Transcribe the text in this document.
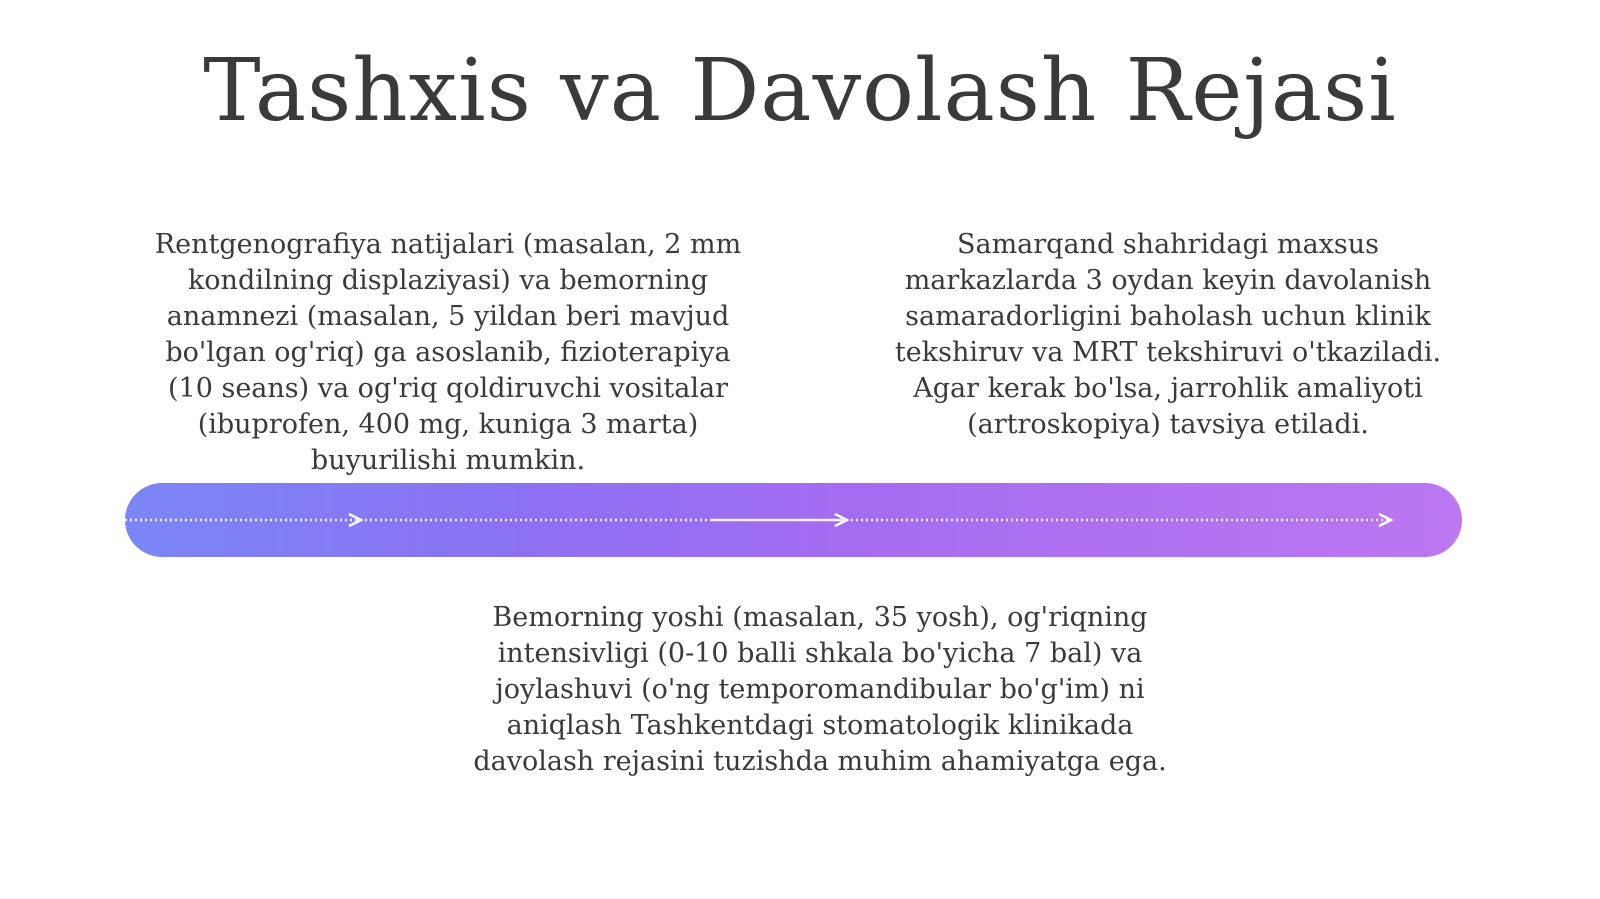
Tashxis va Davolash Rejasi
Rentgenografiya natijalari (masalan, 2 mm kondilning displaziyasi) va bemorning anamnezi (masalan, 5 yildan beri mavjud bo'lgan og'riq) ga asoslanib, fizioterapiya (10 seans) va og'riq qoldiruvchi vositalar (ibuprofen, 400 mg, kuniga 3 marta) buyurilishi mumkin.
Samarqand shahridagi maxsus markazlarda 3 oydan keyin davolanish samaradorligini baholash uchun klinik tekshiruv va MRT tekshiruvi o'tkaziladi. Agar kerak bo'lsa, jarrohlik amaliyoti (artroskopiya) tavsiya etiladi.
Bemorning yoshi (masalan, 35 yosh), og'riqning intensivligi (0-10 balli shkala bo'yicha 7 bal) va joylashuvi (o'ng temporomandibular bo'g'im) ni aniqlash Tashkentdagi stomatologik klinikada davolash rejasini tuzishda muhim ahamiyatga ega.
